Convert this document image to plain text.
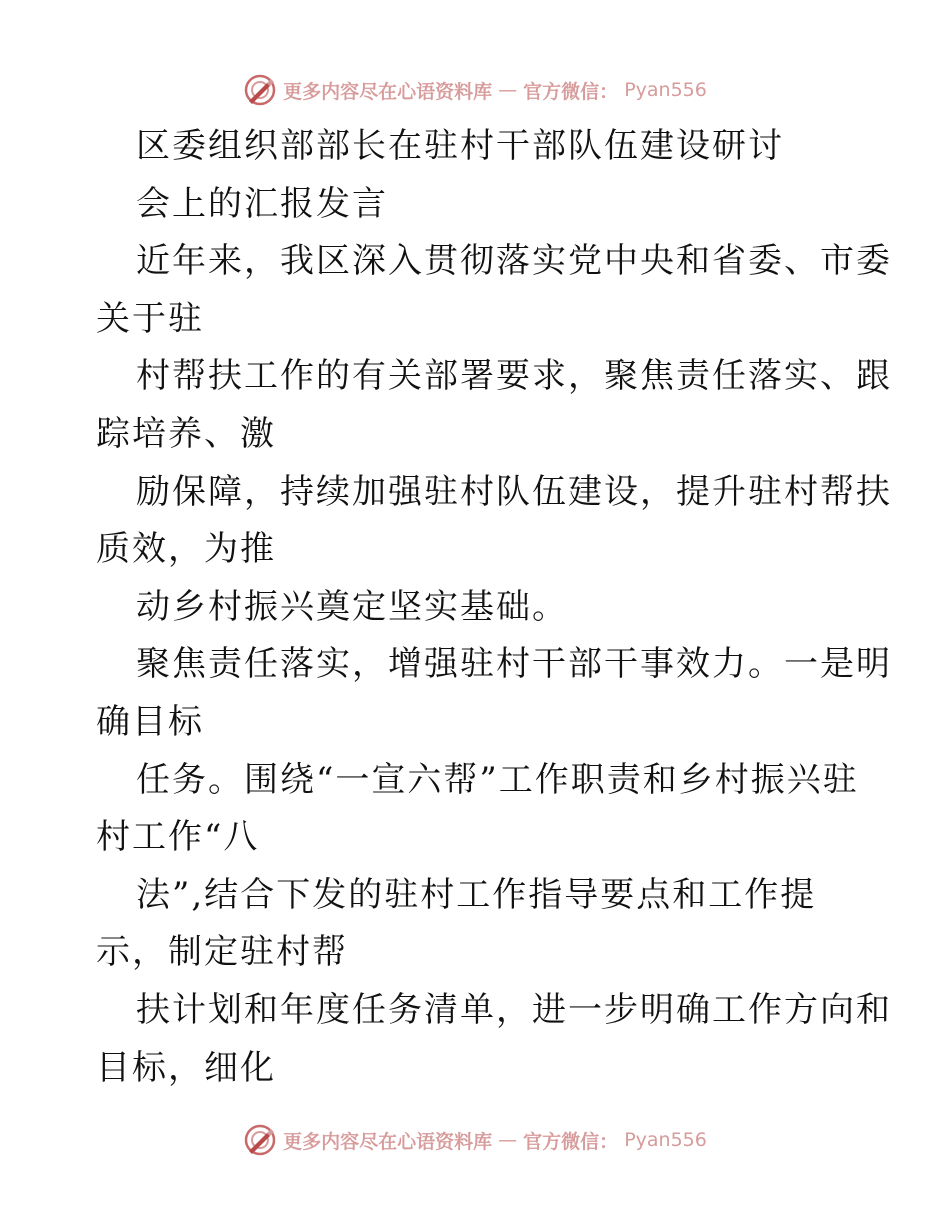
更多内容尽在心语资料库 — 官方微信： Pyan556

区委组织部部长在驻村干部队伍建设研讨

会上的汇报发言

近年来，我区深入贯彻落实党中央和省委、市委
关于驻

村帮扶工作的有关部署要求，聚焦责任落实、跟
踪培养、激

励保障，持续加强驻村队伍建设，提升驻村帮扶
质效，为推

动乡村振兴奠定坚实基础。

聚焦责任落实，增强驻村干部干事效力。一是明
确目标

任务。围绕“一宣六帮”工作职责和乡村振兴驻
村工作“八

法”,结合下发的驻村工作指导要点和工作提
示，制定驻村帮

扶计划和年度任务清单，进一步明确工作方向和
目标，细化

更多内容尽在心语资料库 — 官方微信： Pyan556
